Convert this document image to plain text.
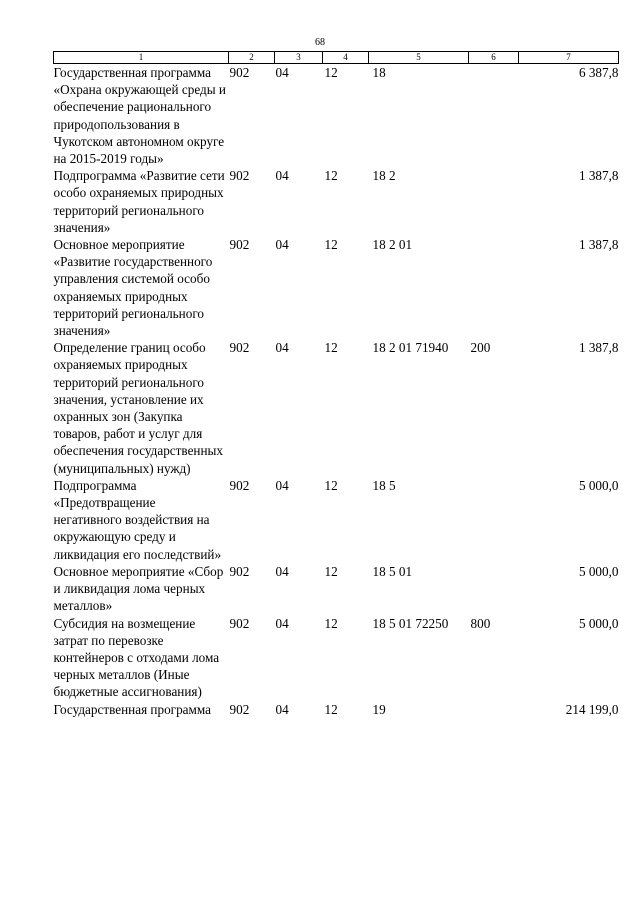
68
1	2	3	4	5	6	7
Государственная программа «Охрана окружающей среды и обеспечение рационального природопользования в Чукотском автономном округе на 2015-2019 годы»	902	04	12	18		6 387,8
Подпрограмма «Развитие сети особо охраняемых природных территорий регионального значения»	902	04	12	18 2		1 387,8
Основное мероприятие «Развитие государственного управления системой особо охраняемых природных территорий регионального значения»	902	04	12	18 2 01		1 387,8
Определение границ особо охраняемых природных территорий регионального значения, установление их охранных зон (Закупка товаров, работ и услуг для обеспечения государственных (муниципальных) нужд)	902	04	12	18 2 01 71940	200	1 387,8
Подпрограмма «Предотвращение негативного воздействия на окружающую среду и ликвидация его последствий»	902	04	12	18 5		5 000,0
Основное мероприятие «Сбор и ликвидация лома черных металлов»	902	04	12	18 5 01		5 000,0
Субсидия на возмещение затрат по перевозке контейнеров с отходами лома черных металлов (Иные бюджетные ассигнования)	902	04	12	18 5 01 72250	800	5 000,0
Государственная программа	902	04	12	19		214 199,0
